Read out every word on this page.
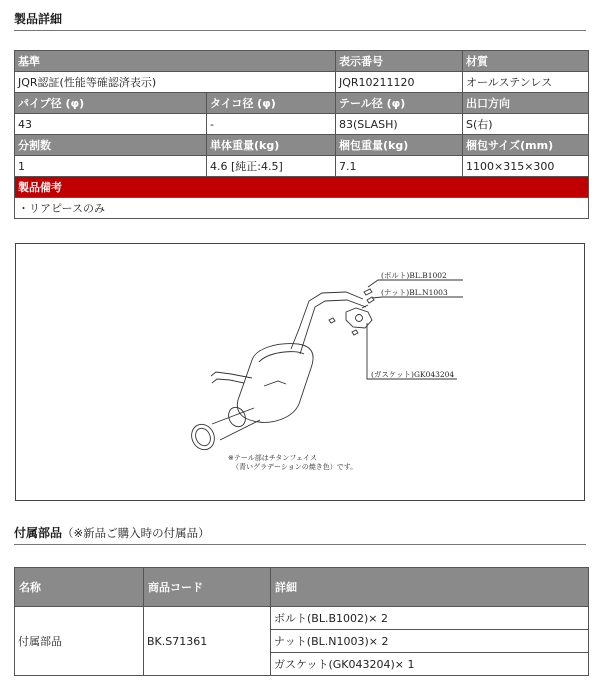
製品詳細
基準		表示番号	材質
JQR認証(性能等確認済表示)		JQR10211120	オールステンレス
パイプ径 (φ)	タイコ径 (φ)	テール径 (φ)	出口方向
43	-	83(SLASH)	S(右)
分割数	単体重量(kg)	梱包重量(kg)	梱包サイズ(mm)
1	4.6 [純正:4.5]	7.1	1100×315×300
製品備考			
・リアピースのみ			
(ボルト)BL.B1002
(ナット)BL.N1003
(ガスケット)GK043204
※テール部はチタンフェイス
（青いグラデーションの焼き色）です。
付属部品（※新品ご購入時の付属品）
名称	商品コード	詳細
付属部品	BK.S71361	ボルト(BL.B1002)× 2
		ナット(BL.N1003)× 2
		ガスケット(GK043204)× 1
